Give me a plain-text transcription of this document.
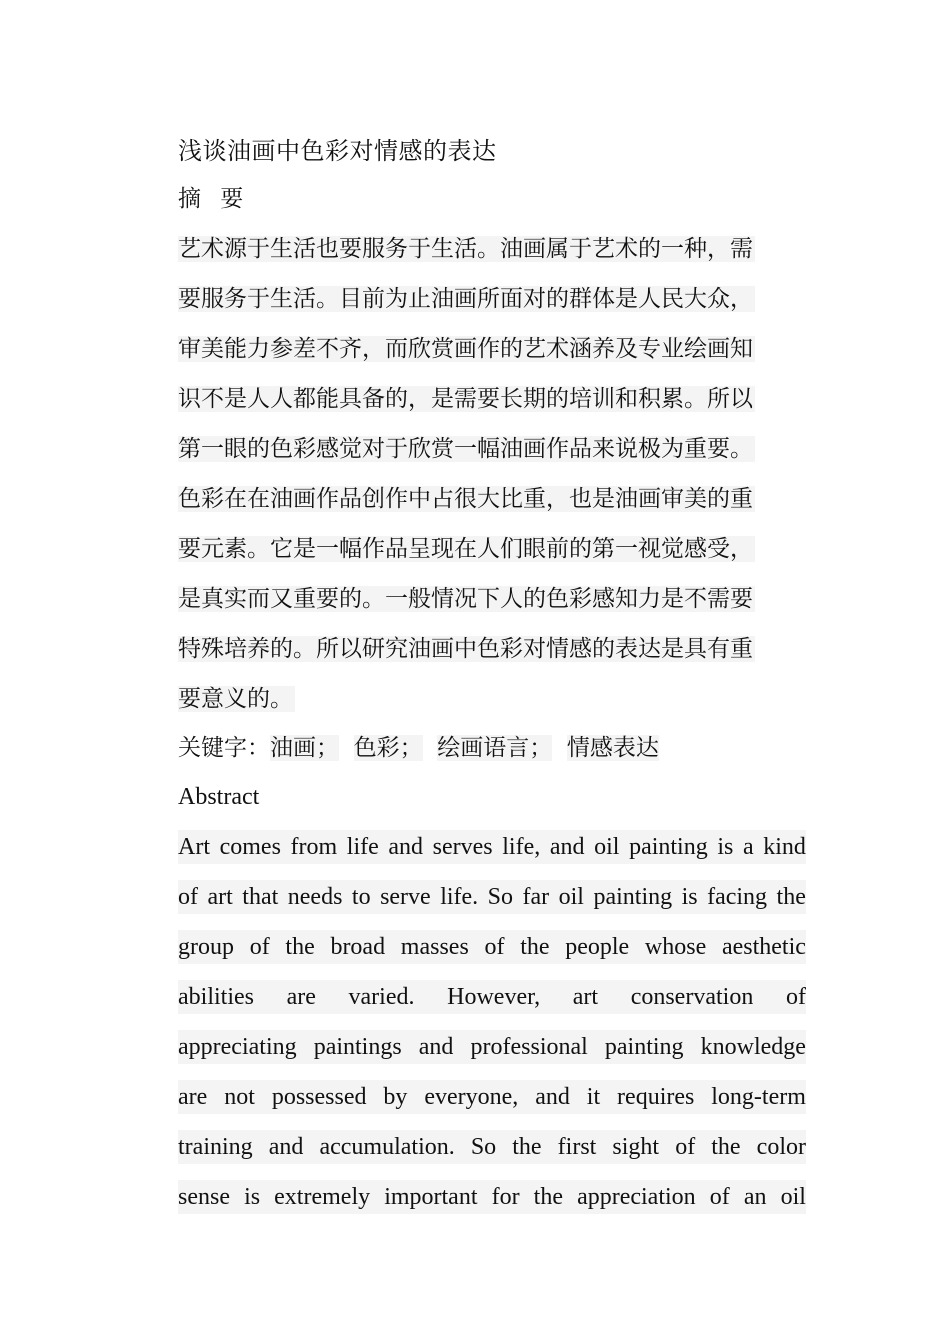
浅谈油画中色彩对情感的表达
摘 要
艺术源于生活也要服务于生活。油画属于艺术的一种，需
要服务于生活。目前为止油画所面对的群体是人民大众，
审美能力参差不齐，而欣赏画作的艺术涵养及专业绘画知
识不是人人都能具备的，是需要长期的培训和积累。所以
第一眼的色彩感觉对于欣赏一幅油画作品来说极为重要。
色彩在在油画作品创作中占很大比重，也是油画审美的重
要元素。它是一幅作品呈现在人们眼前的第一视觉感受，
是真实而又重要的。一般情况下人的色彩感知力是不需要
特殊培养的。所以研究油画中色彩对情感的表达是具有重
要意义的。
关键字：油画； 色彩； 绘画语言； 情感表达
Abstract
Art comes from life and serves life, and oil painting is a kind
of art that needs to serve life. So far oil painting is facing the
group of the broad masses of the people whose aesthetic
abilities are varied. However, art conservation of
appreciating paintings and professional painting knowledge
are not possessed by everyone, and it requires long-term
training and accumulation. So the first sight of the color
sense is extremely important for the appreciation of an oil
